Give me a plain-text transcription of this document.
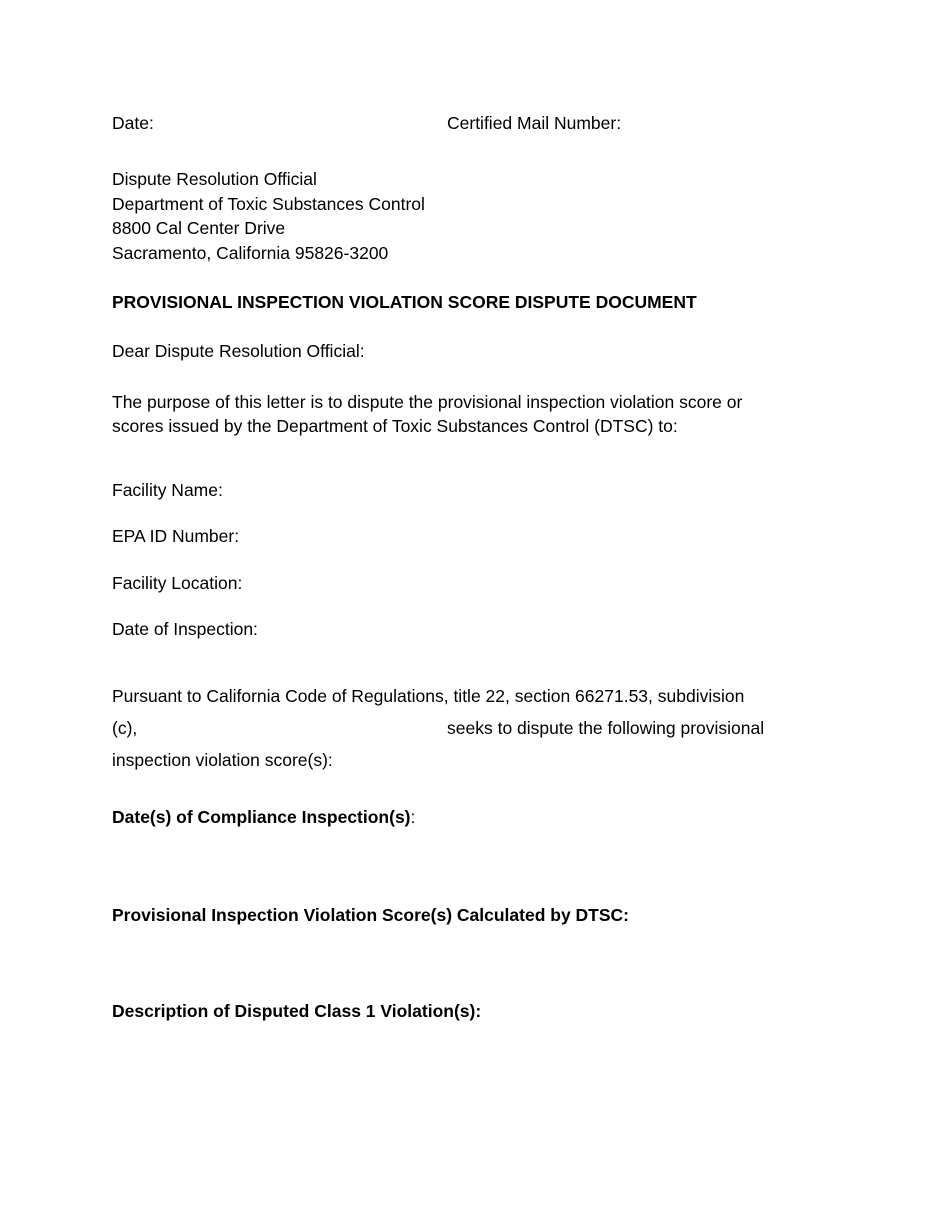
Date:	Certified Mail Number:
Dispute Resolution Official
Department of Toxic Substances Control
8800 Cal Center Drive
Sacramento, California 95826-3200
PROVISIONAL INSPECTION VIOLATION SCORE DISPUTE DOCUMENT
Dear Dispute Resolution Official:
The purpose of this letter is to dispute the provisional inspection violation score or
scores issued by the Department of Toxic Substances Control (DTSC) to:
Facility Name:
EPA ID Number:
Facility Location:
Date of Inspection:
Pursuant to California Code of Regulations, title 22, section 66271.53, subdivision
(c),	seeks to dispute the following provisional
inspection violation score(s):
Date(s) of Compliance Inspection(s):
Provisional Inspection Violation Score(s) Calculated by DTSC:
Description of Disputed Class 1 Violation(s):
